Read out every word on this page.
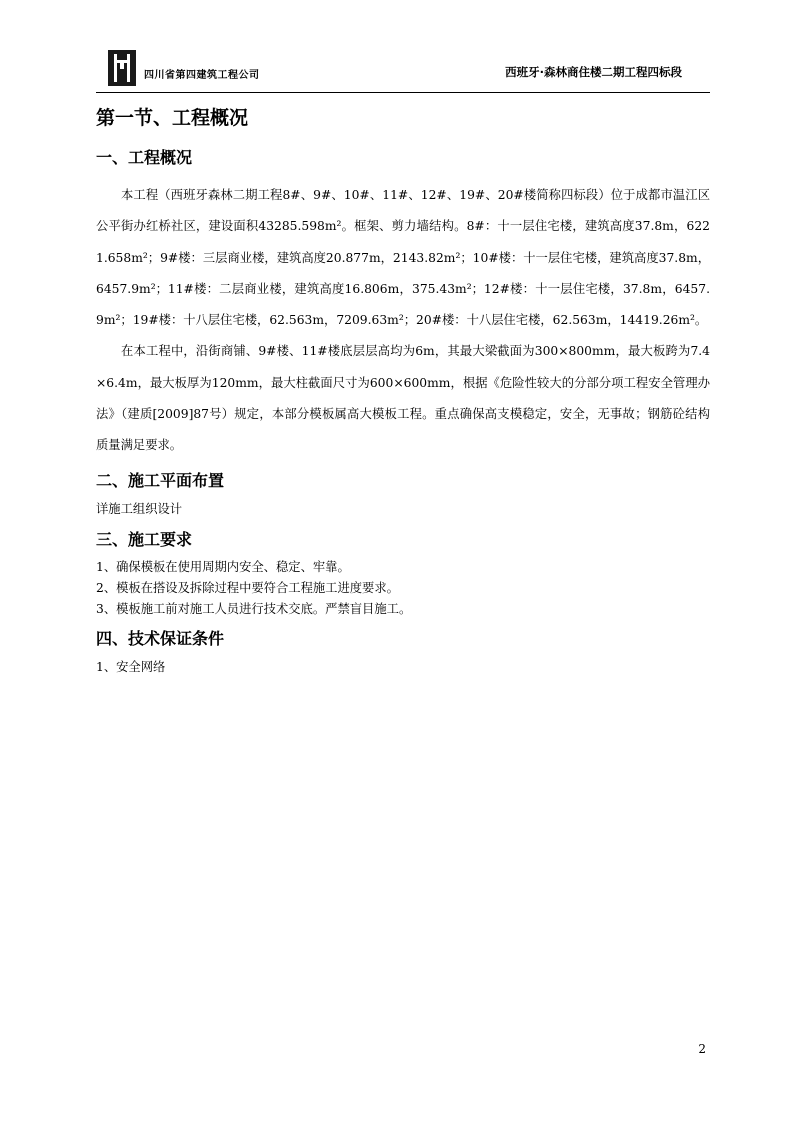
四川省第四建筑工程公司	西班牙·森林商住楼二期工程四标段
第一节、工程概况
一、工程概况

本工程（西班牙森林二期工程8#、9#、10#、11#、12#、19#、20#楼简称四标段）位于成都市温江区公平街办红桥社区，建设面积43285.598m²。框架、剪力墙结构。8#：十一层住宅楼，建筑高度37.8m，6221.658m²；9#楼：三层商业楼，建筑高度20.877m，2143.82m²；10#楼：十一层住宅楼，建筑高度37.8m，6457.9m²；11#楼：二层商业楼，建筑高度16.806m，375.43m²；12#楼：十一层住宅楼，37.8m，6457.9m²；19#楼：十八层住宅楼，62.563m，7209.63m²；20#楼：十八层住宅楼，62.563m，14419.26m²。

在本工程中，沿街商铺、9#楼、11#楼底层层高均为6m，其最大梁截面为300×800mm，最大板跨为7.4×6.4m，最大板厚为120mm，最大柱截面尺寸为600×600mm，根据《危险性较大的分部分项工程安全管理办法》（建质[2009]87号）规定，本部分模板属高大模板工程。重点确保高支模稳定，安全，无事故；钢筋砼结构质量满足要求。

二、施工平面布置

详施工组织设计

三、施工要求
1、确保模板在使用周期内安全、稳定、牢靠。
2、模板在搭设及拆除过程中要符合工程施工进度要求。
3、模板施工前对施工人员进行技术交底。严禁盲目施工。
四、技术保证条件

1、安全网络

2
